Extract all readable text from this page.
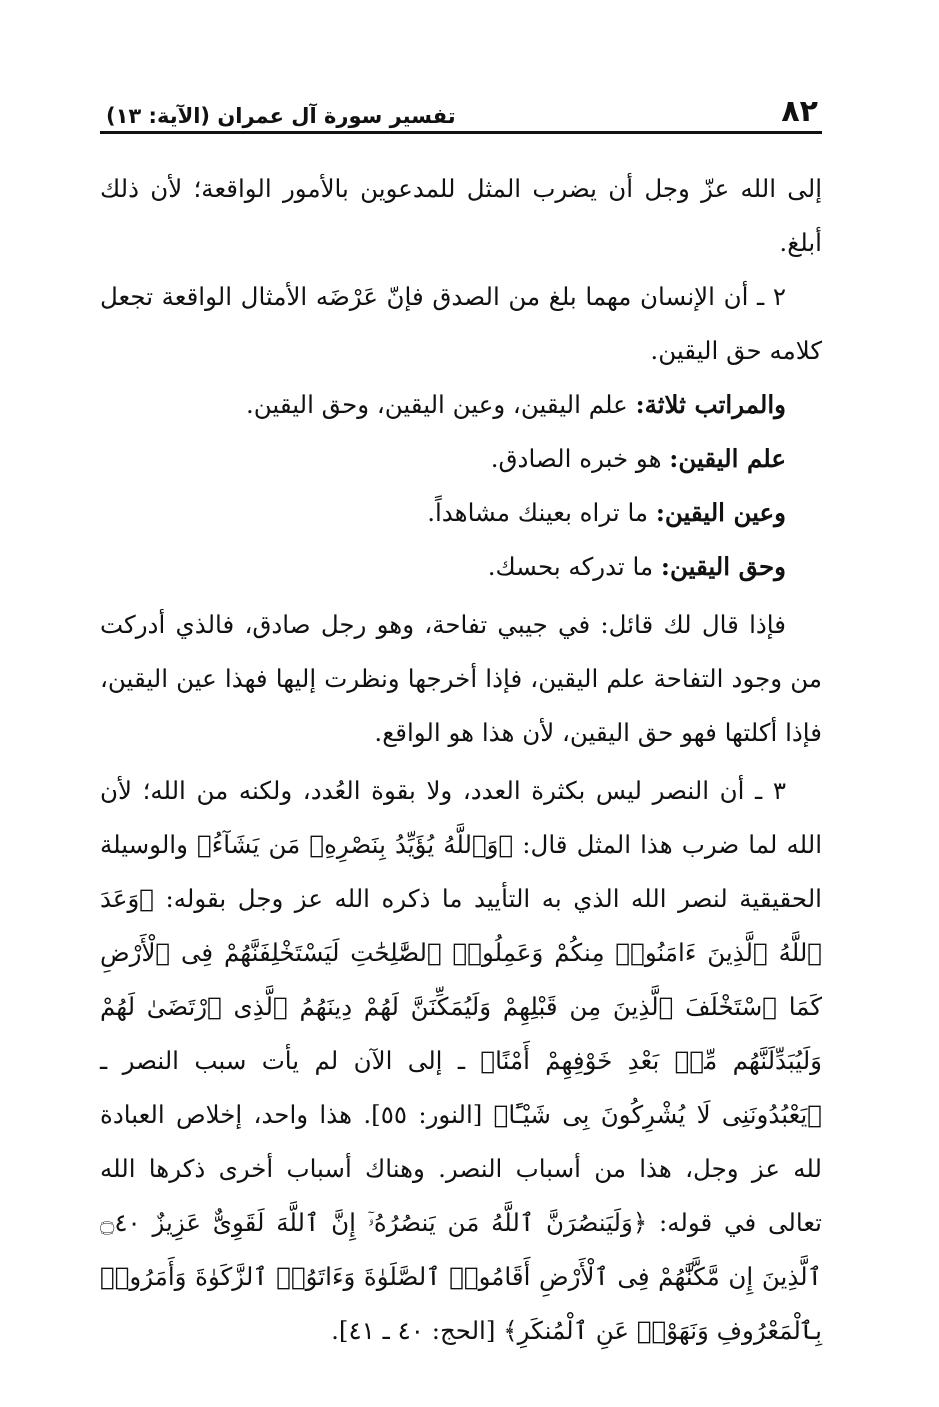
٨٢
تفسير سورة آل عمران (الآية: ١٣)

إلى الله عزّ وجل أن يضرب المثل للمدعوين بالأمور الواقعة؛ لأن ذلك أبلغ.

٢ ـ أن الإنسان مهما بلغ من الصدق فإنّ عَرْضَه الأمثال الواقعة تجعل كلامه حق اليقين.

والمراتب ثلاثة: علم اليقين، وعين اليقين، وحق اليقين.

علم اليقين: هو خبره الصادق.

وعين اليقين: ما تراه بعينك مشاهداً.

وحق اليقين: ما تدركه بحسك.

فإذا قال لك قائل: في جيبي تفاحة، وهو رجل صادق، فالذي أدركت من وجود التفاحة علم اليقين، فإذا أخرجها ونظرت إليها فهذا عين اليقين، فإذا أكلتها فهو حق اليقين، لأن هذا هو الواقع.

٣ ـ أن النصر ليس بكثرة العدد، ولا بقوة العُدد، ولكنه من الله؛ لأن الله لما ضرب هذا المثل قال: ﴿وَٱللَّهُ يُؤَيِّدُ بِنَصْرِهِۦ مَن يَشَآءُ﴾ والوسيلة الحقيقية لنصر الله الذي به التأييد ما ذكره الله عز وجل بقوله: ﴿وَعَدَ ٱللَّهُ ٱلَّذِينَ ءَامَنُوا۟ مِنكُمْ وَعَمِلُوا۟ ٱلصَّٰلِحَٰتِ لَيَسْتَخْلِفَنَّهُمْ فِى ٱلْأَرْضِ كَمَا ٱسْتَخْلَفَ ٱلَّذِينَ مِن قَبْلِهِمْ وَلَيُمَكِّنَنَّ لَهُمْ دِينَهُمُ ٱلَّذِى ٱرْتَضَىٰ لَهُمْ وَلَيُبَدِّلَنَّهُم مِّنۢ بَعْدِ خَوْفِهِمْ أَمْنًا﴾ ـ إلى الآن لم يأت سبب النصر ـ ﴿يَعْبُدُونَنِى لَا يُشْرِكُونَ بِى شَيْـًٔا﴾ [النور: ٥٥]. هذا واحد، إخلاص العبادة لله عز وجل، هذا من أسباب النصر. وهناك أسباب أخرى ذكرها الله تعالى في قوله: ﴿وَلَيَنصُرَنَّ ٱللَّهُ مَن يَنصُرُهُۥٓ إِنَّ ٱللَّهَ لَقَوِىٌّ عَزِيزٌ ۝٤٠ ٱلَّذِينَ إِن مَّكَّنَّٰهُمْ فِى ٱلْأَرْضِ أَقَامُوا۟ ٱلصَّلَوٰةَ وَءَاتَوُا۟ ٱلزَّكَوٰةَ وَأَمَرُوا۟ بِٱلْمَعْرُوفِ وَنَهَوْا۟ عَنِ ٱلْمُنكَرِ﴾ [الحج: ٤٠ ـ ٤١].
